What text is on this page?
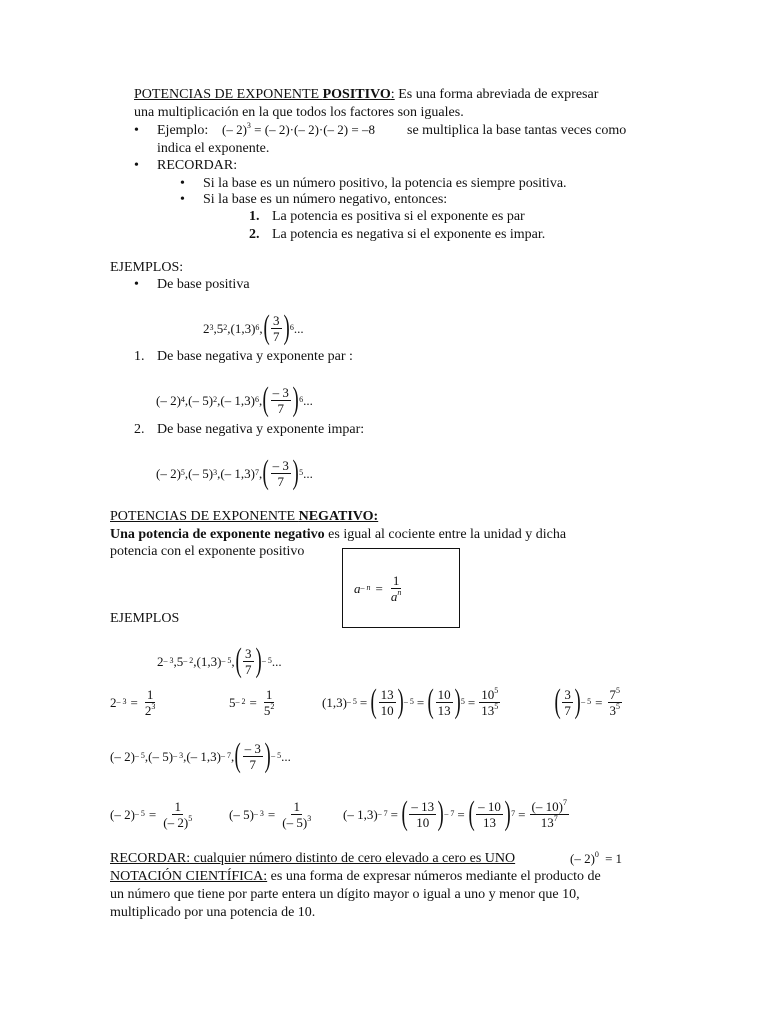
POTENCIAS DE EXPONENTE POSITIVO: Es una forma abreviada de expresar
una multiplicación en la que todos los factores son iguales.
• Ejemplo: (– 2)$^3$ = (– 2)·(– 2)·(– 2) = –8 se multiplica la base tantas veces como
indica el exponente.
• RECORDAR:
• Si la base es un número positivo, la potencia es siempre positiva.
• Si la base es un número negativo, entonces:
1. La potencia es positiva si el exponente es par
2. La potencia es negativa si el exponente es impar.
EJEMPLOS:
• De base positiva
2 3 , 5 2 , (1,3) 6 , ( $\frac{3}{7}$ ) 6 ...
1. De base negativa y exponente par :
(– 2) 4 , (– 5) 2 , (– 1,3) 6 , ( $\frac{- 3}{7}$ ) 6 ...
2. De base negativa y exponente impar:
(– 2) 5 , (– 5) 3 , (– 1,3) 7 , ( $\frac{- 3}{7}$ ) 5 ...
POTENCIAS DE EXPONENTE NEGATIVO:
Una potencia de exponente negativo es igual al cociente entre la unidad y dicha
potencia con el exponente positivo
$a - n = \frac{1}{a^n}$
EJEMPLOS
2 – 3 , 5 – 2 , (1,3) – 5 , ( $\frac{3}{7}$ ) – 5 ...
$2 - 3 = \frac{1}{2^3}$	$5 - 2 = \frac{1}{5^2}$	(1,3) – 5 = ( $\frac{13}{10}$ ) – 5 = ( $\frac{10}{13}$ ) $5 = \frac{10^5}{13^5}$ ( $\frac{3}{7}$ ) – $5 = \frac{7^5}{3^5}$
(– 2) – 5 , (– 5) – 3 , (– 1,3) – 7 , ( $\frac{- 3}{7}$ ) – 5 ...
(– $2) - 5 = \frac{1}{(- 2)^5}$	(– $5) - 3 = \frac{1}{(- 5)^3}$ (– 1,3) – 7 = ( $\frac{- 13}{10}$ ) – 7 = ( $\frac{- 10}{13}$ ) $7 = \frac{(- 10)^7}{13^7}$
RECORDAR: cualquier número distinto de cero elevado a cero es UNO	(– 2)$^0$ = 1
NOTACIÓN CIENTÍFICA: es una forma de expresar números mediante el producto de
un número que tiene por parte entera un dígito mayor o igual a uno y menor que 10,
multiplicado por una potencia de 10.
